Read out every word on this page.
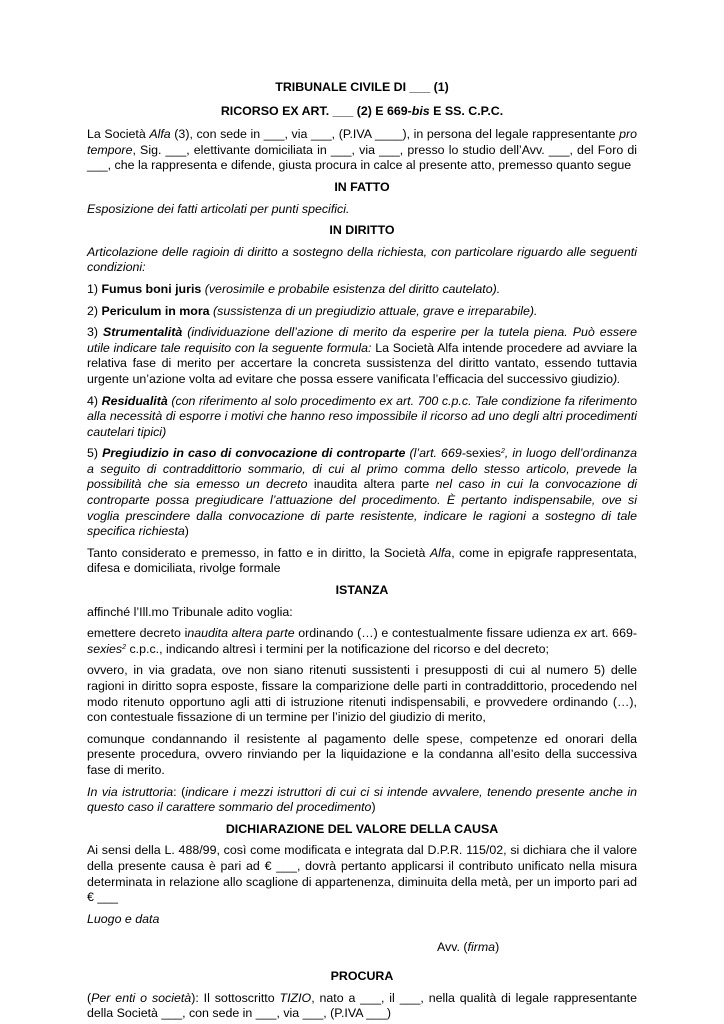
TRIBUNALE CIVILE DI ___ (1)

RICORSO EX ART. ___ (2) E 669-bis E SS. C.P.C.

La Società Alfa (3), con sede in ___, via ___, (P.IVA ____), in persona del legale rappresentante pro tempore, Sig. ___, elettivante domiciliata in ___, via ___, presso lo studio dell’Avv. ___, del Foro di ___, che la rappresenta e difende, giusta procura in calce al presente atto, premesso quanto segue

IN FATTO

Esposizione dei fatti articolati per punti specifici.

IN DIRITTO

Articolazione delle ragioin di diritto a sostegno della richiesta, con particolare riguardo alle seguenti condizioni:

1) Fumus boni juris (verosimile e probabile esistenza del diritto cautelato).

2) Periculum in mora (sussistenza di un pregiudizio attuale, grave e irreparabile).

3) Strumentalità (individuazione dell’azione di merito da esperire per la tutela piena. Può essere utile indicare tale requisito con la seguente formula: La Società Alfa intende procedere ad avviare la relativa fase di merito per accertare la concreta sussistenza del diritto vantato, essendo tuttavia urgente un’azione volta ad evitare che possa essere vanificata l’efficacia del successivo giudizio).

4) Residualità (con riferimento al solo procedimento ex art. 700 c.p.c. Tale condizione fa riferimento alla necessità di esporre i motivi che hanno reso impossibile il ricorso ad uno degli altri procedimenti cautelari tipici)

5) Pregiudizio in caso di convocazione di controparte (l’art. 669-sexies$^2$, in luogo dell’ordinanza a seguito di contraddittorio sommario, di cui al primo comma dello stesso articolo, prevede la possibilità che sia emesso un decreto inaudita altera parte nel caso in cui la convocazione di controparte possa pregiudicare l’attuazione del procedimento. È pertanto indispensabile, ove si voglia prescindere dalla convocazione di parte resistente, indicare le ragioni a sostegno di tale specifica richiesta)

Tanto considerato e premesso, in fatto e in diritto, la Società Alfa, come in epigrafe rappresentata, difesa e domiciliata, rivolge formale

ISTANZA

affinché l’Ill.mo Tribunale adito voglia:

emettere decreto inaudita altera parte ordinando (…) e contestualmente fissare udienza ex art. 669-sexies$^2$ c.p.c., indicando altresì i termini per la notificazione del ricorso e del decreto;

ovvero, in via gradata, ove non siano ritenuti sussistenti i presupposti di cui al numero 5) delle ragioni in diritto sopra esposte, fissare la comparizione delle parti in contraddittorio, procedendo nel modo ritenuto opportuno agli atti di istruzione ritenuti indispensabili, e provvedere ordinando (…), con contestuale fissazione di un termine per l’inizio del giudizio di merito,

comunque condannando il resistente al pagamento delle spese, competenze ed onorari della presente procedura, ovvero rinviando per la liquidazione e la condanna all’esito della successiva fase di merito.

In via istruttoria: (indicare i mezzi istruttori di cui ci si intende avvalere, tenendo presente anche in questo caso il carattere sommario del procedimento)

DICHIARAZIONE DEL VALORE DELLA CAUSA

Ai sensi della L. 488/99, così come modificata e integrata dal D.P.R. 115/02, si dichiara che il valore della presente causa è pari ad € ___, dovrà pertanto applicarsi il contributo unificato nella misura determinata in relazione allo scaglione di appartenenza, diminuita della metà, per un importo pari ad € ___

Luogo e data

Avv. (firma)

PROCURA

(Per enti o società): Il sottoscritto TIZIO, nato a ___, il ___, nella qualità di legale rappresentante della Società ___, con sede in ___, via ___, (P.IVA ___)
